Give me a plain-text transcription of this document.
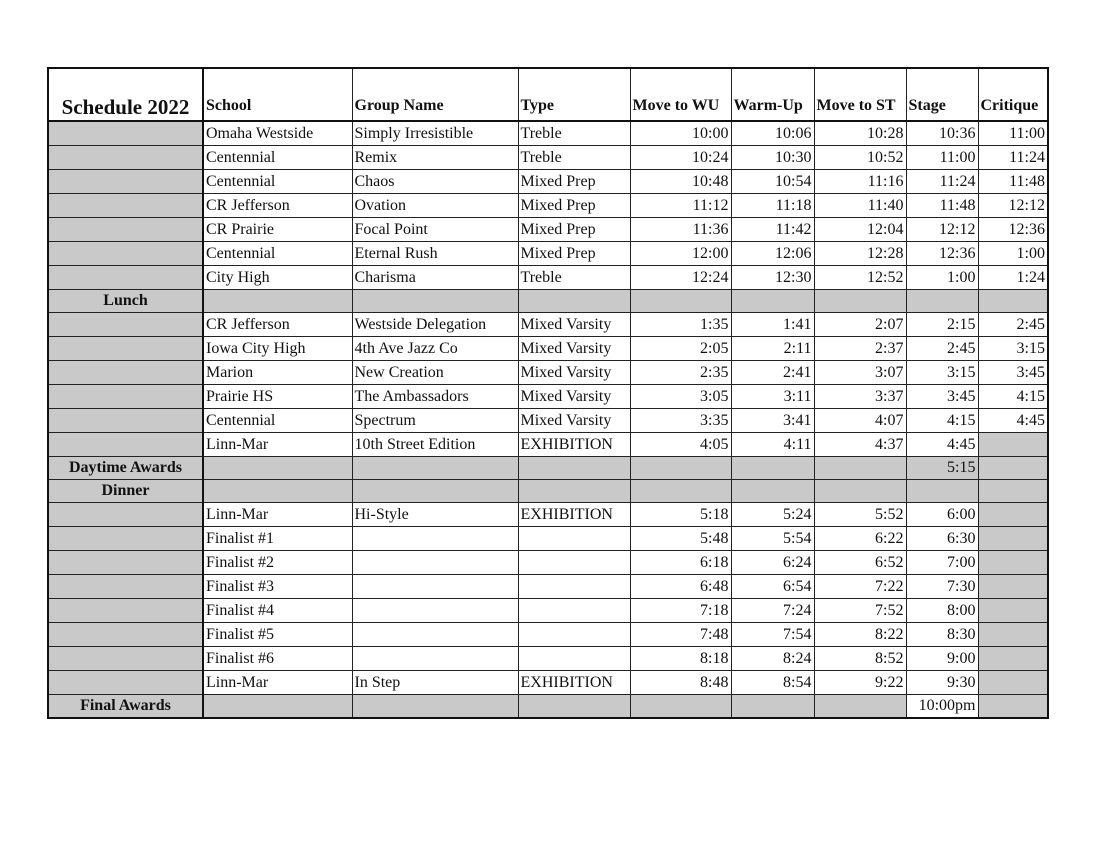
Schedule 2022	School	Group Name	Type	Move to WU	Warm-Up	Move to ST	Stage	Critique
	Omaha Westside	Simply Irresistible	Treble	10:00	10:06	10:28	10:36	11:00
	Centennial	Remix	Treble	10:24	10:30	10:52	11:00	11:24
	Centennial	Chaos	Mixed Prep	10:48	10:54	11:16	11:24	11:48
	CR Jefferson	Ovation	Mixed Prep	11:12	11:18	11:40	11:48	12:12
	CR Prairie	Focal Point	Mixed Prep	11:36	11:42	12:04	12:12	12:36
	Centennial	Eternal Rush	Mixed Prep	12:00	12:06	12:28	12:36	1:00
	City High	Charisma	Treble	12:24	12:30	12:52	1:00	1:24
Lunch								
	CR Jefferson	Westside Delegation	Mixed Varsity	1:35	1:41	2:07	2:15	2:45
	Iowa City High	4th Ave Jazz Co	Mixed Varsity	2:05	2:11	2:37	2:45	3:15
	Marion	New Creation	Mixed Varsity	2:35	2:41	3:07	3:15	3:45
	Prairie HS	The Ambassadors	Mixed Varsity	3:05	3:11	3:37	3:45	4:15
	Centennial	Spectrum	Mixed Varsity	3:35	3:41	4:07	4:15	4:45
	Linn-Mar	10th Street Edition	EXHIBITION	4:05	4:11	4:37	4:45	
Daytime Awards							5:15	
Dinner								
	Linn-Mar	Hi-Style	EXHIBITION	5:18	5:24	5:52	6:00	
	Finalist #1			5:48	5:54	6:22	6:30	
	Finalist #2			6:18	6:24	6:52	7:00	
	Finalist #3			6:48	6:54	7:22	7:30	
	Finalist #4			7:18	7:24	7:52	8:00	
	Finalist #5			7:48	7:54	8:22	8:30	
	Finalist #6			8:18	8:24	8:52	9:00	
	Linn-Mar	In Step	EXHIBITION	8:48	8:54	9:22	9:30	
Final Awards							10:00pm	
